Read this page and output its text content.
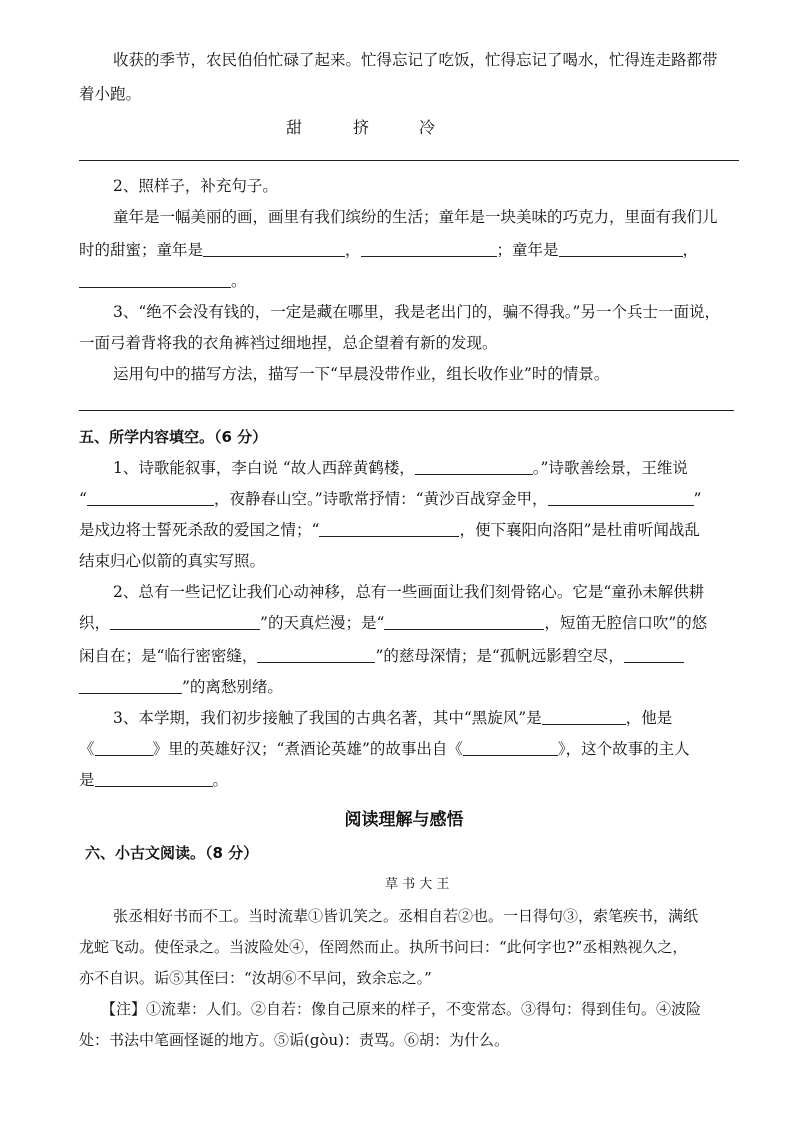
收获的季节，农民伯伯忙碌了起来。忙得忘记了吃饭，忙得忘记了喝水，忙得连走路都带
着小跑。
甜	挤	冷
2、照样子，补充句子。
童年是一幅美丽的画，画里有我们缤纷的生活；童年是一块美味的巧克力，里面有我们儿
时的甜蜜；童年是	，	；童年是	，
。
3、“绝不会没有钱的，一定是藏在哪里，我是老出门的，骗不得我。”另一个兵士一面说，
一面弓着背将我的衣角裤裆过细地捏，总企望着有新的发现。
运用句中的描写方法，描写一下“早晨没带作业，组长收作业”时的情景。
五、所学内容填空。（6 分）
1、诗歌能叙事，李白说 “故人西辞黄鹤楼，	。”诗歌善绘景，王维说
“	，夜静春山空。”诗歌常抒情：“黄沙百战穿金甲，	”
是戍边将士誓死杀敌的爱国之情；“	，便下襄阳向洛阳”是杜甫听闻战乱
结束归心似箭的真实写照。
2、总有一些记忆让我们心动神移，总有一些画面让我们刻骨铭心。它是“童孙未解供耕
织，	”的天真烂漫；是“	，短笛无腔信口吹”的悠
闲自在；是“临行密密缝，	”的慈母深情；是“孤帆远影碧空尽，
”的离愁别绪。
3、本学期，我们初步接触了我国的古典名著，其中“黑旋风”是	，他是
《	》里的英雄好汉；“煮酒论英雄”的故事出自《	》，这个故事的主人
是	。
阅读理解与感悟
六、小古文阅读。（8 分）
草 书 大 王
张丞相好书而不工。当时流辈①皆讥笑之。丞相自若②也。一日得句③，索笔疾书，满纸
龙蛇飞动。使侄录之。当波险处④，侄罔然而止。执所书问曰：“此何字也?”丞相熟视久之，
亦不自识。诟⑤其侄曰：“汝胡⑥不早问，致余忘之。”
【注】①流辈：人们。②自若：像自己原来的样子，不变常态。③得句：得到佳句。④波险
处：书法中笔画怪诞的地方。⑤诟(gòu)：责骂。⑥胡：为什么。
